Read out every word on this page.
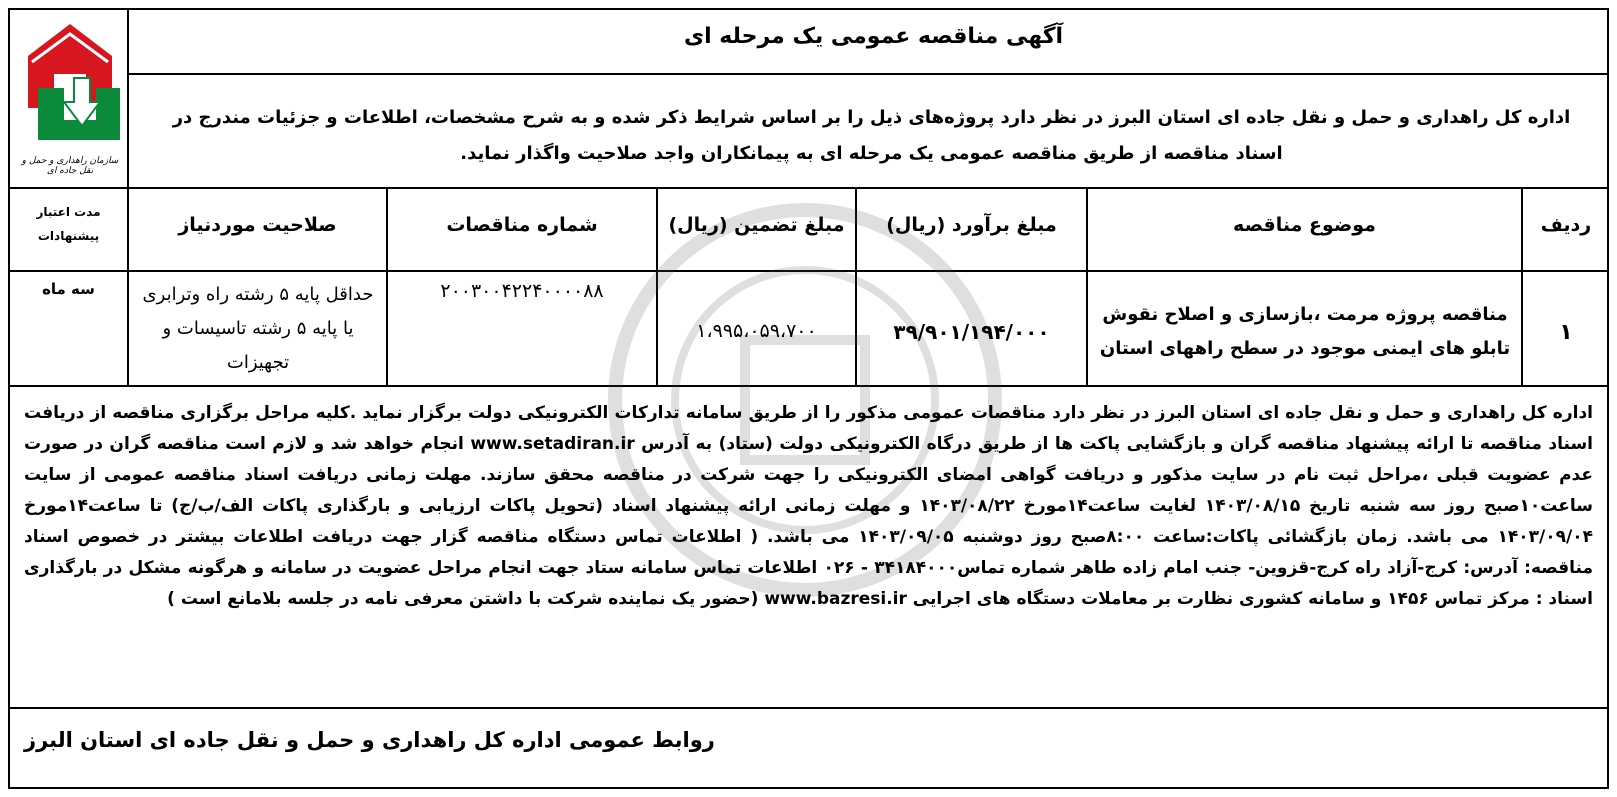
سازمان راهداری و حمل و نقل جاده ای
آگهی مناقصه عمومی یک مرحله ای
اداره کل راهداری و حمل و نقل جاده ای استان البرز در نظر دارد پروژه‌های ذیل را بر اساس شرایط ذکر شده و به شرح مشخصات، اطلاعات و جزئیات مندرج در اسناد مناقصه از طریق مناقصه عمومی یک مرحله ای به پیمانکاران واجد صلاحیت واگذار نماید.
ردیف
موضوع مناقصه
مبلغ برآورد (ریال)
مبلغ تضمین (ریال)
شماره مناقصات
صلاحیت موردنیاز
مدت اعتبار
پیشنهادات
۱
مناقصه پروژه مرمت ،بازسازی و اصلاح نقوش تابلو های ایمنی موجود در سطح راههای استان
۳۹/۹۰۱/۱۹۴/۰۰۰
۱،۹۹۵،۰۵۹،۷۰۰
۲۰۰۳۰۰۴۲۲۴۰۰۰۰۸۸
حداقل پایه ۵ رشته راه وترابری یا پایه ۵ رشته تاسیسات و تجهیزات
سه ماه
اداره کل راهداری و حمل و نقل جاده ای استان البرز در نظر دارد مناقصات عمومی مذکور را از طریق سامانه تدارکات الکترونیکی دولت برگزار نماید .کلیه مراحل برگزاری مناقصه از دریافت اسناد مناقصه تا ارائه پیشنهاد مناقصه گران و بازگشایی پاکت ها از طریق درگاه الکترونیکی دولت (ستاد) به آدرس www.setadiran.ir انجام خواهد شد و لازم است مناقصه گران در صورت عدم عضویت قبلی ،مراحل ثبت نام در سایت مذکور و دریافت گواهی امضای الکترونیکی را جهت شرکت در مناقصه محقق سازند. مهلت زمانی دریافت اسناد مناقصه عمومی از سایت ساعت۱۰صبح روز سه شنبه تاریخ ۱۴۰۳/۰۸/۱۵ لغایت ساعت۱۴مورخ ۱۴۰۳/۰۸/۲۲ و مهلت زمانی ارائه پیشنهاد اسناد (تحویل پاکات ارزیابی و بارگذاری پاکات الف/ب/ج) تا ساعت۱۴مورخ ۱۴۰۳/۰۹/۰۴ می باشد. زمان بازگشائی پاکات:ساعت ۸:۰۰صبح روز دوشنبه ۱۴۰۳/۰۹/۰۵ می باشد. ( اطلاعات تماس دستگاه مناقصه گزار جهت دریافت اطلاعات بیشتر در خصوص اسناد مناقصه: آدرس: کرج-آزاد راه کرج-قزوین- جنب امام زاده طاهر شماره تماس۳۴۱۸۴۰۰۰ - ۰۲۶ اطلاعات تماس سامانه ستاد جهت انجام مراحل عضویت در سامانه و هرگونه مشکل در بارگذاری اسناد : مرکز تماس ۱۴۵۶ و سامانه کشوری نظارت بر معاملات دستگاه های اجرایی www.bazresi.ir (حضور یک نماینده شرکت با داشتن معرفی نامه در جلسه بلامانع است )
روابط عمومی اداره کل راهداری و حمل و نقل جاده ای استان البرز
